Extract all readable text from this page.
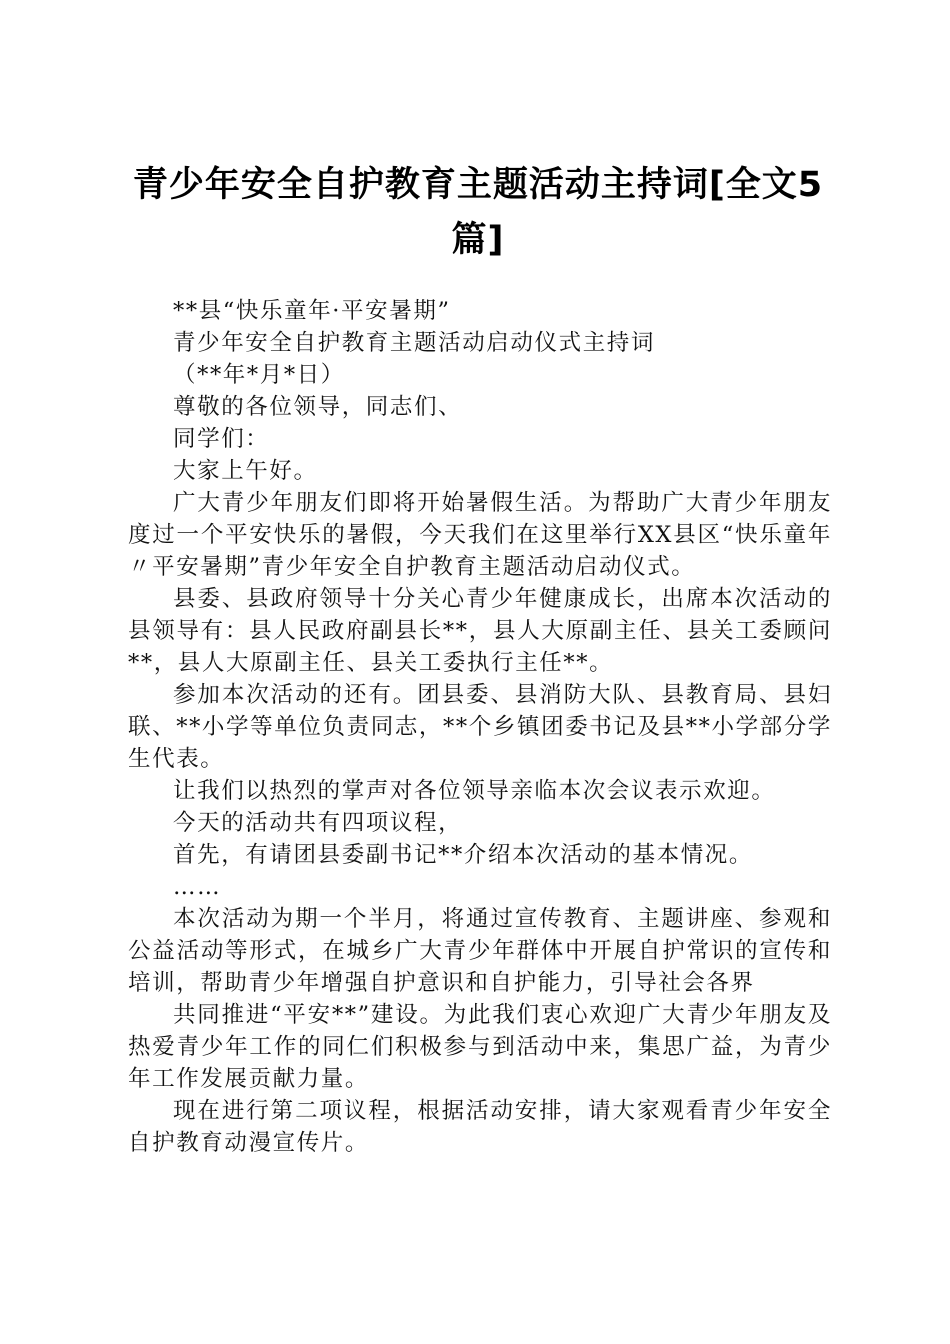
青少年安全自护教育主题活动主持词[全文5篇]

**县“快乐童年·平安暑期”

青少年安全自护教育主题活动启动仪式主持词

（**年*月*日）

尊敬的各位领导，同志们、

同学们：

大家上午好。

广大青少年朋友们即将开始暑假生活。为帮助广大青少年朋友度过一个平安快乐的暑假，今天我们在这里举行XX县区“快乐童年〃平安暑期”青少年安全自护教育主题活动启动仪式。

县委、县政府领导十分关心青少年健康成长，出席本次活动的县领导有：县人民政府副县长**，县人大原副主任、县关工委顾问**，县人大原副主任、县关工委执行主任**。

参加本次活动的还有。团县委、县消防大队、县教育局、县妇联、**小学等单位负责同志，**个乡镇团委书记及县**小学部分学生代表。

让我们以热烈的掌声对各位领导亲临本次会议表示欢迎。

今天的活动共有四项议程，

首先，有请团县委副书记**介绍本次活动的基本情况。

……

本次活动为期一个半月，将通过宣传教育、主题讲座、参观和公益活动等形式，在城乡广大青少年群体中开展自护常识的宣传和培训，帮助青少年增强自护意识和自护能力，引导社会各界

共同推进“平安**”建设。为此我们衷心欢迎广大青少年朋友及热爱青少年工作的同仁们积极参与到活动中来，集思广益，为青少年工作发展贡献力量。

现在进行第二项议程，根据活动安排，请大家观看青少年安全自护教育动漫宣传片。
